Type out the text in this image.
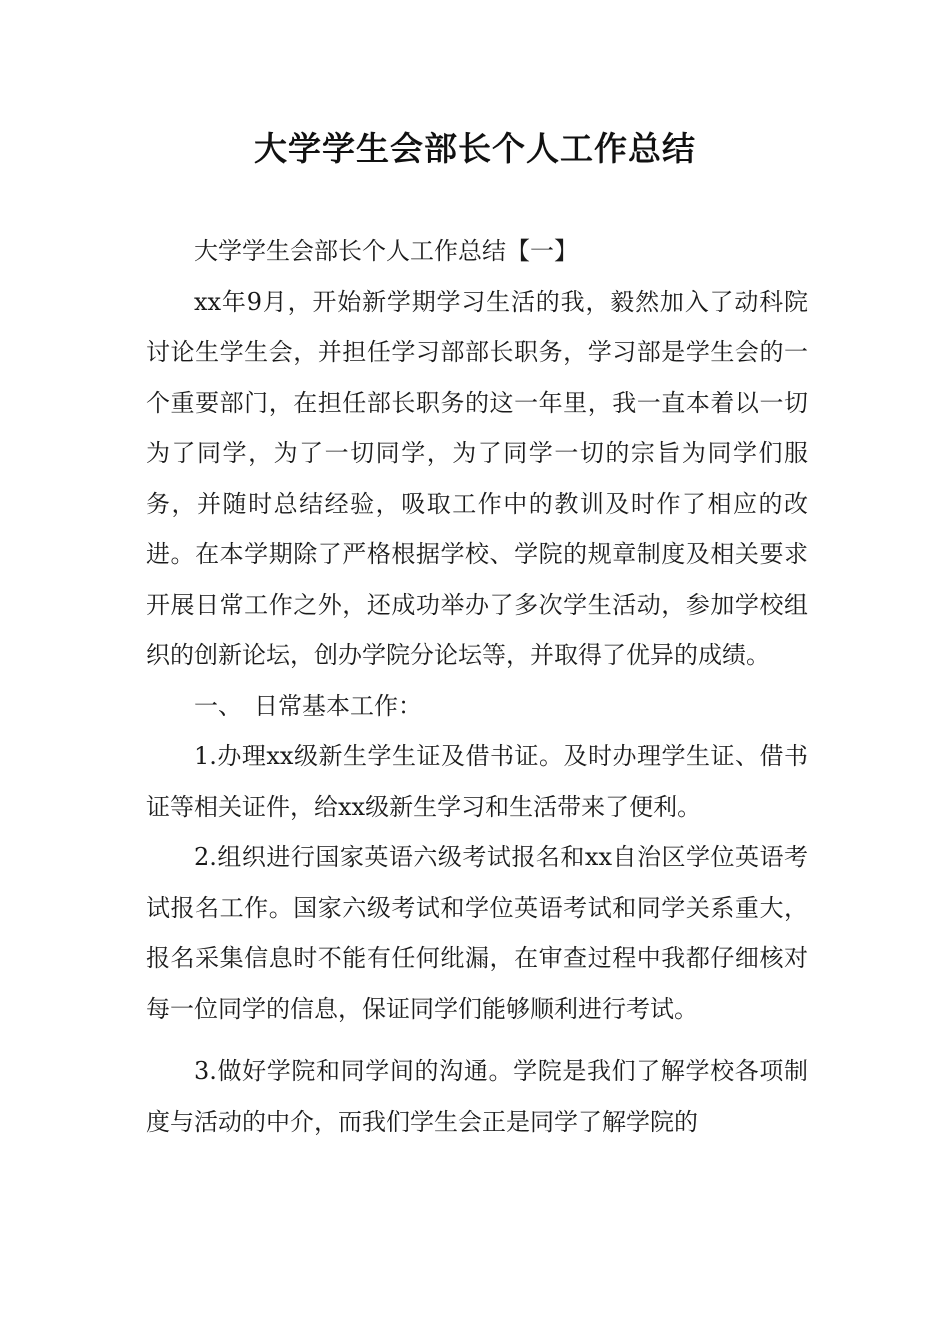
大学学生会部长个人工作总结

大学学生会部长个人工作总结【一】

xx年9月，开始新学期学习生活的我，毅然加入了动科院讨论生学生会，并担任学习部部长职务，学习部是学生会的一个重要部门，在担任部长职务的这一年里，我一直本着以一切为了同学，为了一切同学，为了同学一切的宗旨为同学们服务，并随时总结经验，吸取工作中的教训及时作了相应的改进。在本学期除了严格根据学校、学院的规章制度及相关要求开展日常工作之外，还成功举办了多次学生活动，参加学校组织的创新论坛，创办学院分论坛等，并取得了优异的成绩。

一、　日常基本工作：

1.办理xx级新生学生证及借书证。及时办理学生证、借书证等相关证件，给xx级新生学习和生活带来了便利。

2.组织进行国家英语六级考试报名和xx自治区学位英语考试报名工作。国家六级考试和学位英语考试和同学关系重大，报名采集信息时不能有任何纰漏，在审查过程中我都仔细核对每一位同学的信息，保证同学们能够顺利进行考试。

3.做好学院和同学间的沟通。学院是我们了解学校各项制度与活动的中介，而我们学生会正是同学了解学院的
